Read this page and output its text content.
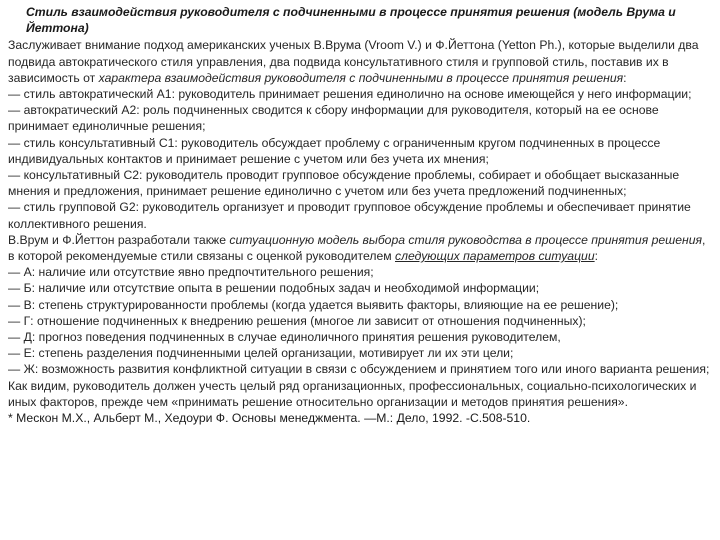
Стиль взаимодействия руководителя с подчиненными в процессе принятия решения (модель Врума и Йеттона)

Заслуживает внимание подход американских ученых В.Врума (Vroom V.) и Ф.Йеттона (Yetton Ph.), которые выделили два подвида автократического стиля управления, два подвида консультативного стиля и групповой стиль, поставив их в зависимость от характера взаимодействия руководителя с подчиненными в процессе принятия решения:

— стиль автократический А1: руководитель принимает решения единолично на основе имеющейся у него информации;

— автократический А2: роль подчиненных сводится к сбору информации для руководителя, который на ее основе принимает единоличные решения;

— стиль консультативный С1: руководитель обсуждает проблему с ограниченным кругом подчиненных в процессе индивидуальных контактов и принимает решение с учетом или без учета их мнения;

— консультативный С2: руководитель проводит групповое обсуждение проблемы, собирает и обобщает высказанные мнения и предложения, принимает решение единолично с учетом или без учета предложений подчиненных;

— стиль групповой G2: руководитель организует и проводит групповое обсуждение проблемы и обеспечивает принятие коллективного решения.

В.Врум и Ф.Йеттон разработали также ситуационную модель выбора стиля руководства в процессе принятия решения, в которой рекомендуемые стили связаны с оценкой руководителем следующих параметров ситуации:

— А: наличие или отсутствие явно предпочтительного решения;

— Б: наличие или отсутствие опыта в решении подобных задач и необходимой информации;

— В: степень структурированности проблемы (когда удается выявить факторы, влияющие на ее решение);

— Г: отношение подчиненных к внедрению решения (многое ли зависит от отношения подчиненных);

— Д: прогноз поведения подчиненных в случае единоличного принятия решения руководителем,

— Е: степень разделения подчиненными целей организации, мотивирует ли их эти цели;

— Ж: возможность развития конфликтной ситуации в связи с обсуждением и принятием того или иного варианта решения;

Как видим, руководитель должен учесть целый ряд организационных, профессиональных, социально-психологических и иных факторов, прежде чем «принимать решение относительно организации и методов принятия решения».

* Мескон М.Х., Альберт М., Хедоури Ф. Основы менеджмента. —М.: Дело, 1992. -С.508-510.
